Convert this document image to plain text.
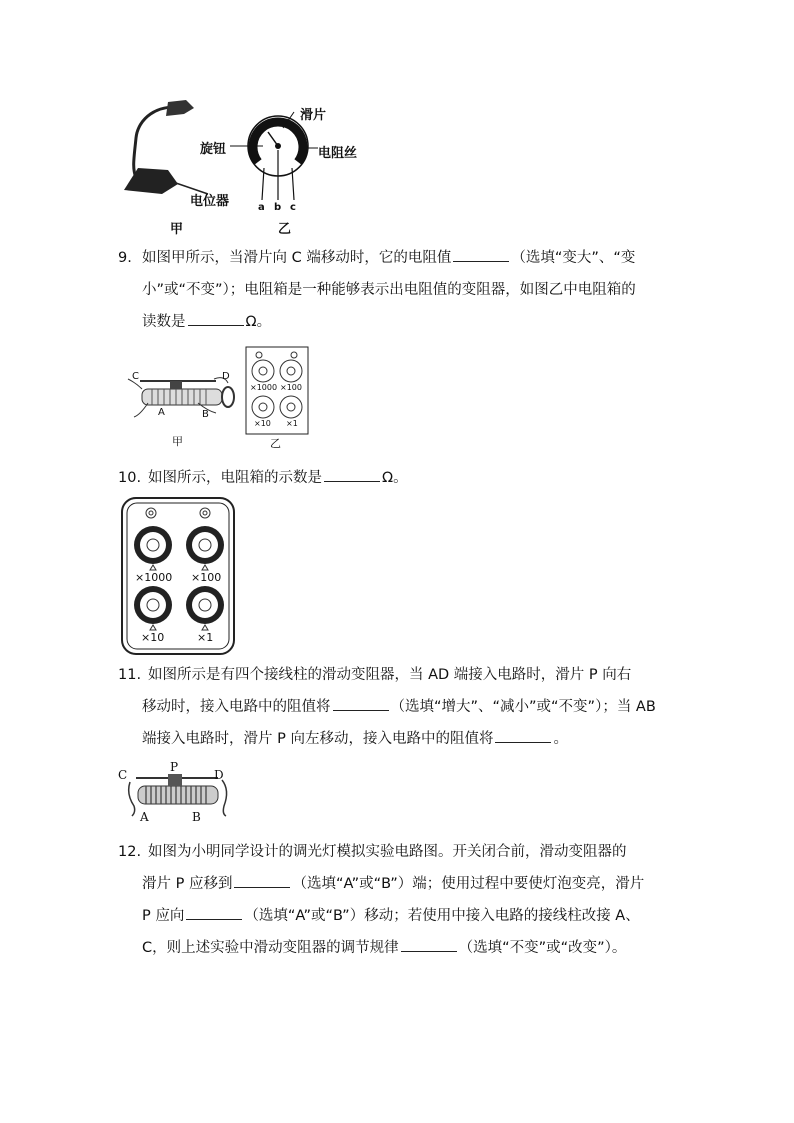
旋钮
滑片
电阻丝
电位器	a b c
甲	乙
9. 如图甲所示，当滑片向 C 端移动时，它的电阻值	（选填“变大”、“变
小”或“不变”）；电阻箱是一种能够表示出电阻值的变阻器，如图乙中电阻箱的
读数是	Ω。
C	D
A	B
甲	乙
×1000 ×100
×10 ×1
10. 如图所示，电阻箱的示数是	Ω。
×1000 ×100
×10	×1
11. 如图所示是有四个接线柱的滑动变阻器，当 AD 端接入电路时，滑片 P 向右
移动时，接入电路中的阻值将	（选填“增大”、“减小”或“不变”）；当 AB
端接入电路时，滑片 P 向左移动，接入电路中的阻值将	。
C
P
D
A	B
12. 如图为小明同学设计的调光灯模拟实验电路图。开关闭合前，滑动变阻器的
滑片 P 应移到	（选填“A”或“B”）端；使用过程中要使灯泡变亮，滑片
P 应向	（选填“A”或“B”）移动；若使用中接入电路的接线柱改接 A、
C，则上述实验中滑动变阻器的调节规律	（选填“不变”或“改变”）。
